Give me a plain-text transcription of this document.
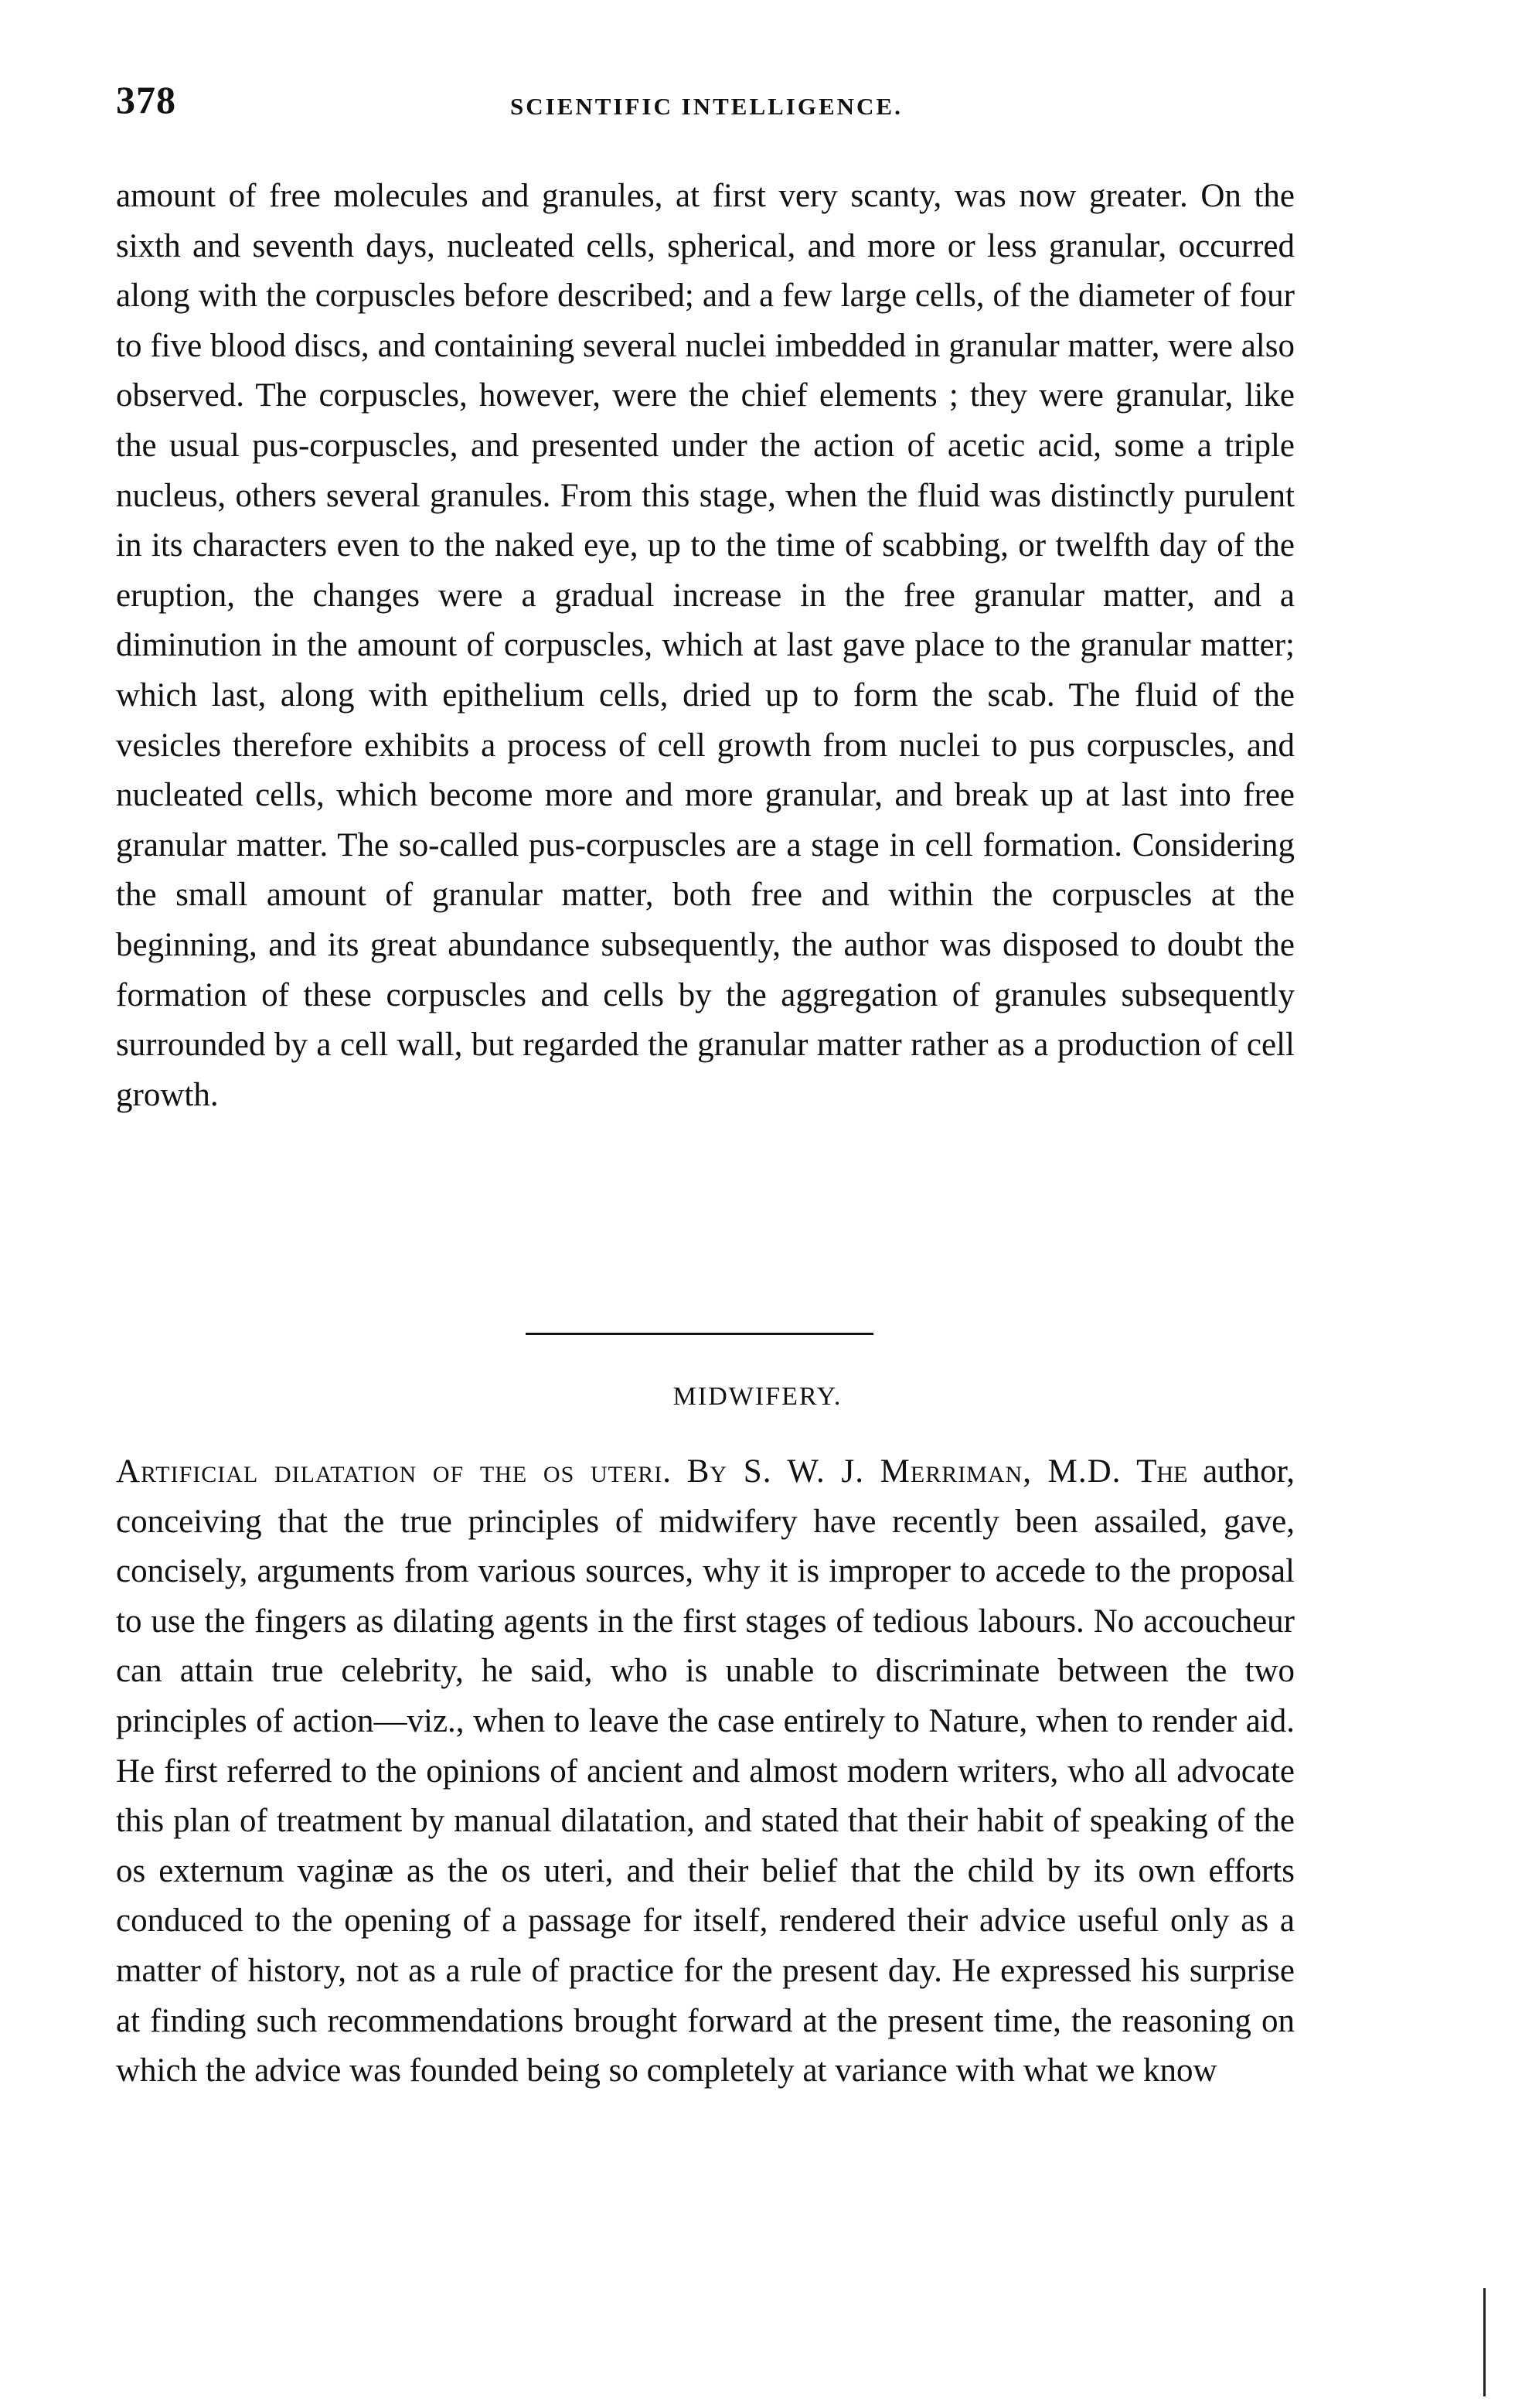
378	SCIENTIFIC INTELLIGENCE.

amount of free molecules and granules, at first very scanty, was now greater. On the sixth and seventh days, nucleated cells, spherical, and more or less granular, occurred along with the corpuscles before described; and a few large cells, of the diameter of four to five blood discs, and containing several nuclei imbedded in granular matter, were also observed. The corpuscles, however, were the chief elements ; they were granular, like the usual pus-corpuscles, and presented under the action of acetic acid, some a triple nucleus, others several granules. From this stage, when the fluid was distinctly purulent in its characters even to the naked eye, up to the time of scabbing, or twelfth day of the eruption, the changes were a gradual increase in the free granular matter, and a diminution in the amount of corpuscles, which at last gave place to the granular matter; which last, along with epithelium cells, dried up to form the scab. The fluid of the vesicles therefore exhibits a process of cell growth from nuclei to pus corpuscles, and nucleated cells, which become more and more granular, and break up at last into free granular matter. The so-called pus-corpuscles are a stage in cell formation. Considering the small amount of granular matter, both free and within the corpuscles at the beginning, and its great abundance subsequently, the author was disposed to doubt the formation of these corpuscles and cells by the aggregation of granules subsequently surrounded by a cell wall, but regarded the granular matter rather as a production of cell growth.

MIDWIFERY.

Artificial dilatation of the os uteri. By S. W. J. Merriman, M.D. The author, conceiving that the true principles of midwifery have recently been assailed, gave, concisely, arguments from various sources, why it is improper to accede to the proposal to use the fingers as dilating agents in the first stages of tedious labours. No accoucheur can attain true celebrity, he said, who is unable to discriminate between the two principles of action—viz., when to leave the case entirely to Nature, when to render aid. He first referred to the opinions of ancient and almost modern writers, who all advocate this plan of treatment by manual dilatation, and stated that their habit of speaking of the os externum vaginæ as the os uteri, and their belief that the child by its own efforts conduced to the opening of a passage for itself, rendered their advice useful only as a matter of history, not as a rule of practice for the present day. He expressed his surprise at finding such recommendations brought forward at the present time, the reasoning on which the advice was founded being so completely at variance with what we know
